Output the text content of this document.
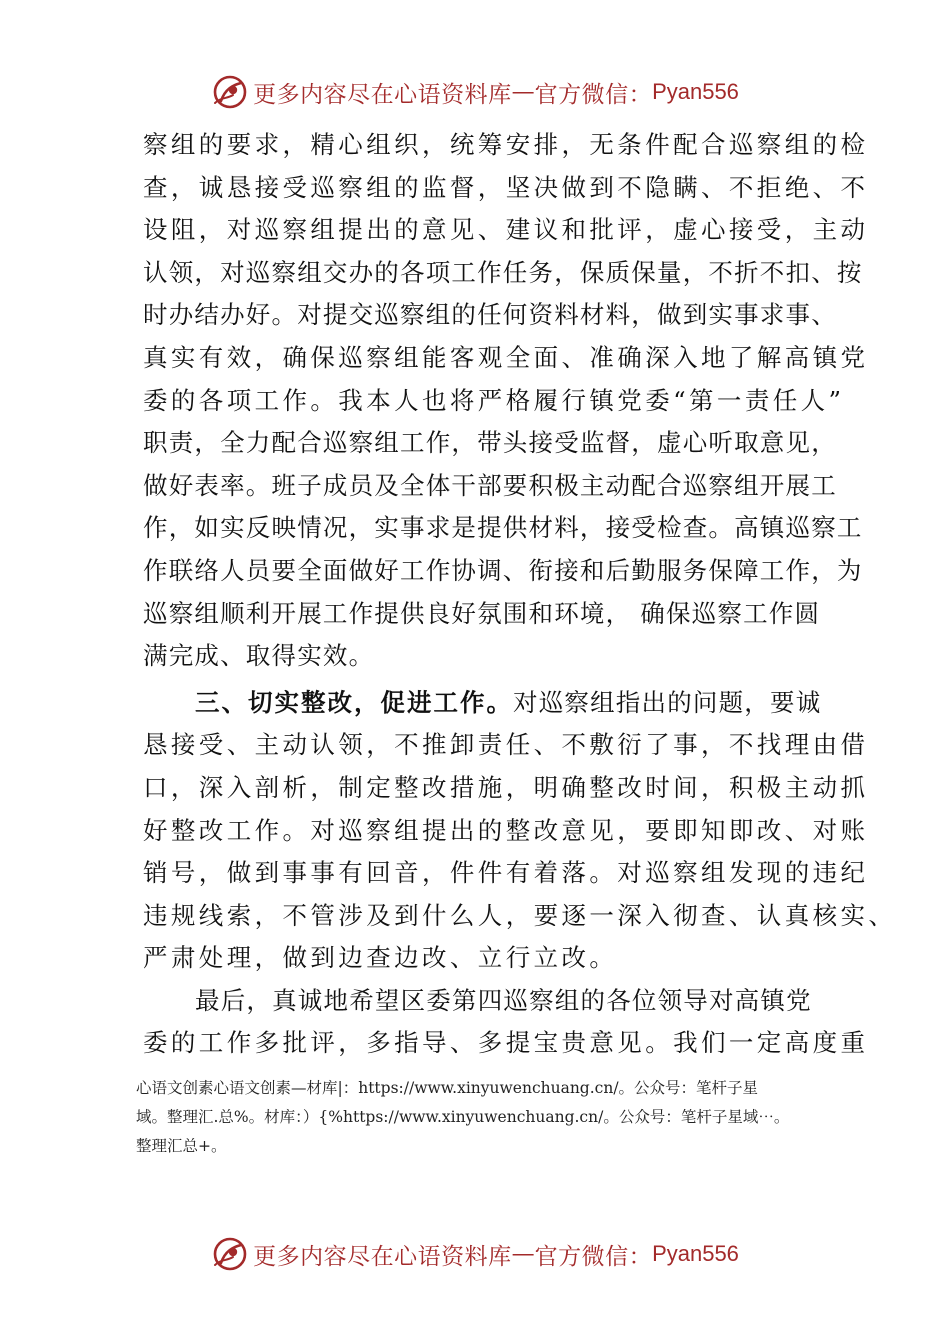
更多内容尽在心语资料库 — 官方微信： Pyan556
察组的要求，精心组织，统筹安排，无条件配合巡察组的检
查，诚恳接受巡察组的监督，坚决做到不隐瞒、不拒绝、不
设阻，对巡察组提出的意见、建议和批评，虚心接受，主动
认领，对巡察组交办的各项工作任务，保质保量，不折不扣、按
时办结办好。对提交巡察组的任何资料材料，做到实事求事、
真实有效，确保巡察组能客观全面、准确深入地了解高镇党
委的各项工作。我本人也将严格履行镇党委“第一责任人”
职责，全力配合巡察组工作，带头接受监督，虚心听取意见，
做好表率。班子成员及全体干部要积极主动配合巡察组开展工
作，如实反映情况，实事求是提供材料，接受检查。高镇巡察工
作联络人员要全面做好工作协调、衔接和后勤服务保障工作，为
巡察组顺利开展工作提供良好氛围和环境， 确保巡察工作圆
满完成、取得实效。
三、切实整改，促进工作。对巡察组指出的问题，要诚
恳接受、主动认领，不推卸责任、不敷衍了事，不找理由借
口，深入剖析，制定整改措施，明确整改时间，积极主动抓
好整改工作。对巡察组提出的整改意见，要即知即改、对账
销号，做到事事有回音，件件有着落。对巡察组发现的违纪
违规线索，不管涉及到什么人，要逐一深入彻查、认真核实、
严肃处理，做到边查边改、立行立改。
最后，真诚地希望区委第四巡察组的各位领导对高镇党
委的工作多批评，多指导、多提宝贵意见。我们一定高度重
心语文创素心语文创素—材库|：https://www.xinyuwenchuang.cn/。公众号：笔杆子星
域。整理汇.总%。材库：）{%https://www.xinyuwenchuang.cn/。公众号：笔杆子星域⋯。
整理汇总+。
更多内容尽在心语资料库 — 官方微信： Pyan556
